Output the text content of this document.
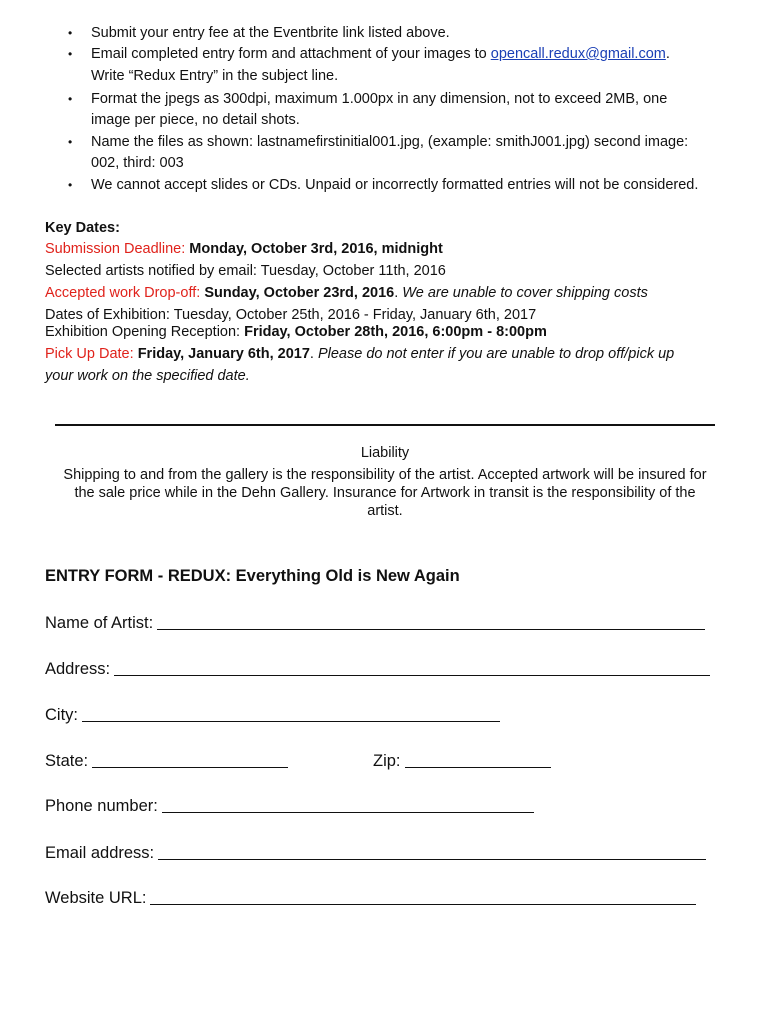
• Submit your entry fee at the Eventbrite link listed above.
• Email completed entry form and attachment of your images to opencall.redux@gmail.com.
Write “Redux Entry” in the subject line.
• Format the jpegs as 300dpi, maximum 1.000px in any dimension, not to exceed 2MB, one
image per piece, no detail shots.
• Name the files as shown: lastnamefirstinitial001.jpg, (example: smithJ001.jpg) second image:
002, third: 003
• We cannot accept slides or CDs. Unpaid or incorrectly formatted entries will not be considered.
Key Dates:
Submission Deadline: Monday, October 3rd, 2016, midnight
Selected artists notified by email: Tuesday, October 11th, 2016
Accepted work Drop-off: Sunday, October 23rd, 2016. We are unable to cover shipping costs
Dates of Exhibition: Tuesday, October 25th, 2016 - Friday, January 6th, 2017
Exhibition Opening Reception: Friday, October 28th, 2016, 6:00pm - 8:00pm
Pick Up Date: Friday, January 6th, 2017. Please do not enter if you are unable to drop off/pick up
your work on the specified date.
Liability
Shipping to and from the gallery is the responsibility of the artist. Accepted artwork will be insured for
the sale price while in the Dehn Gallery. Insurance for Artwork in transit is the responsibility of the
artist.
ENTRY FORM - REDUX: Everything Old is New Again
Name of Artist:
Address:
City:
State:	Zip:
Phone number:
Email address:
Website URL:
